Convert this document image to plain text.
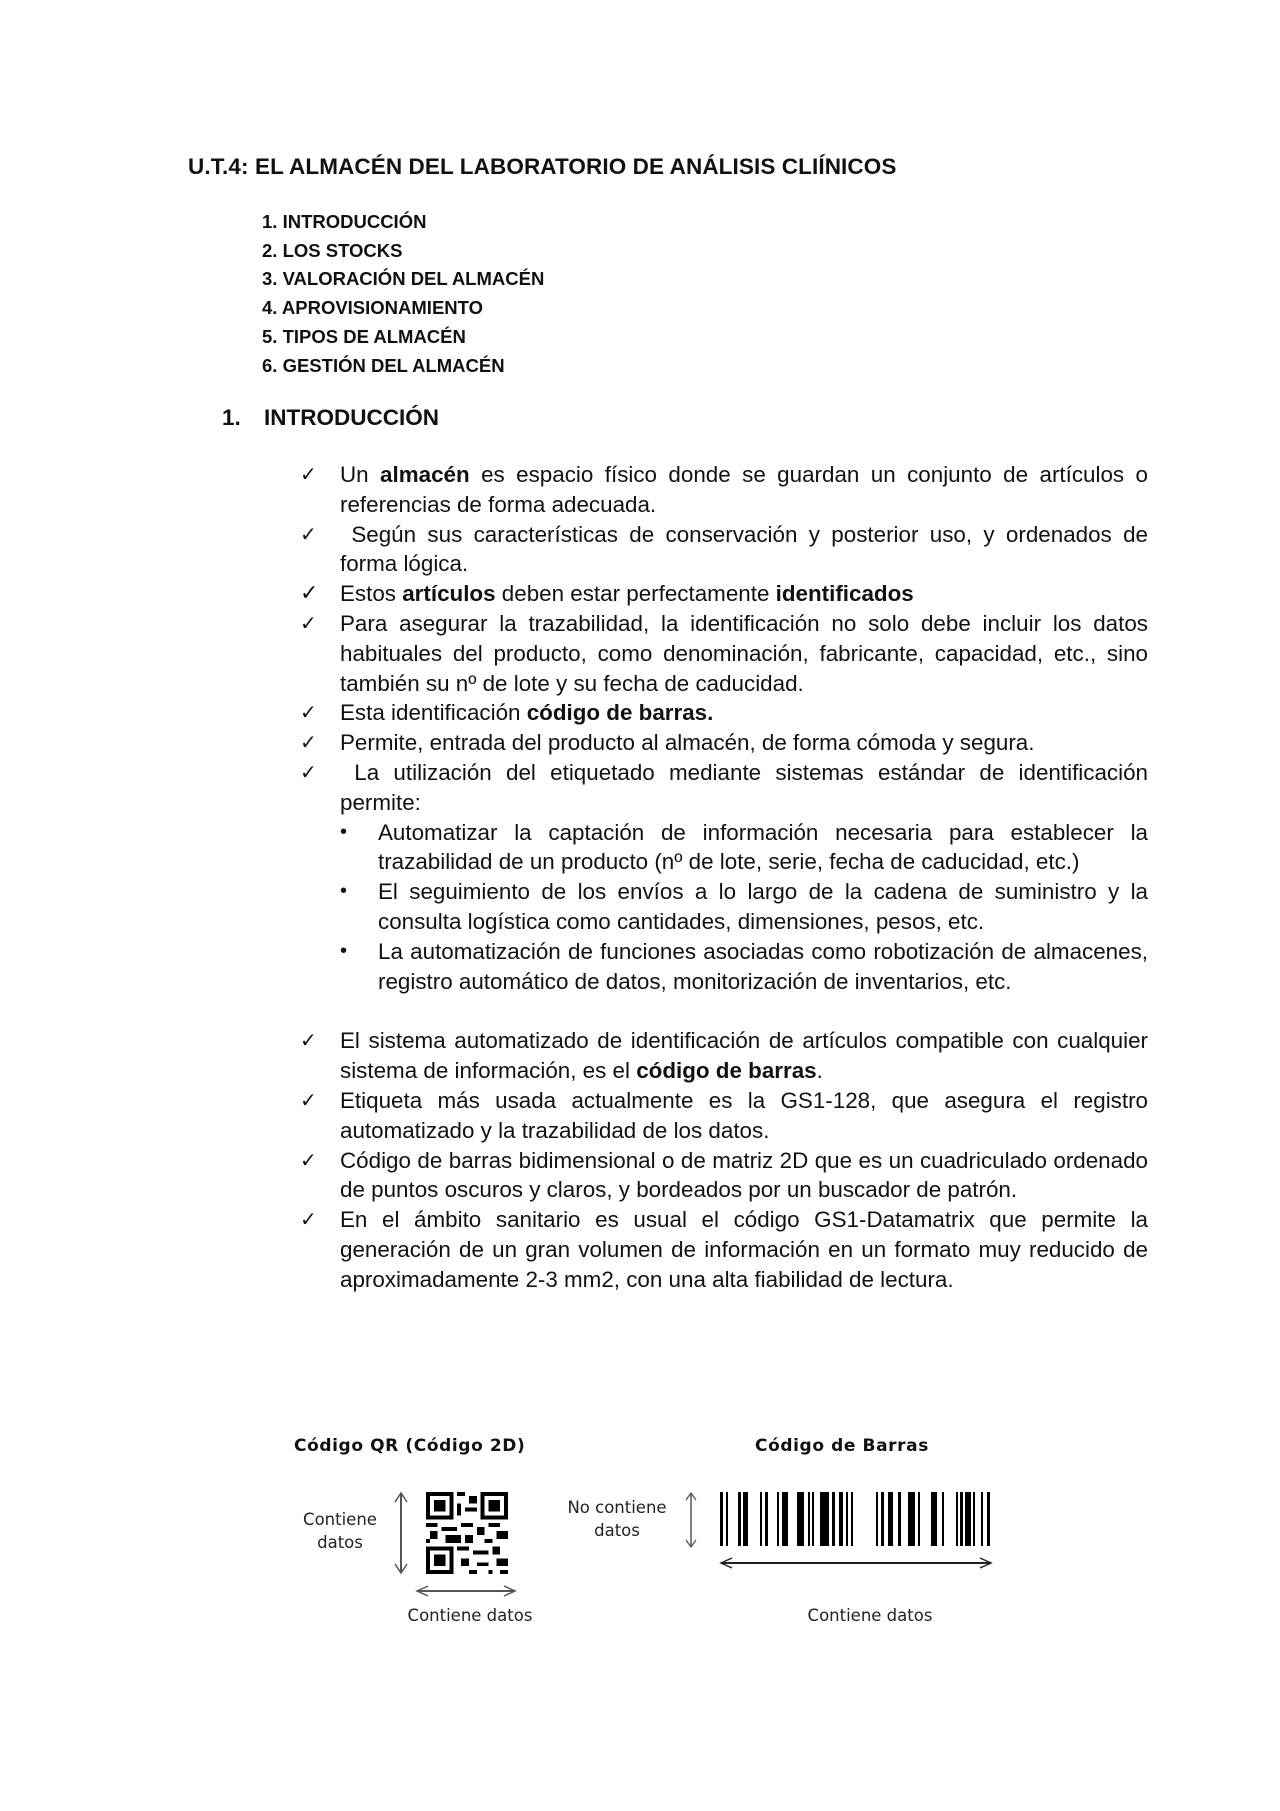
U.T.4: EL ALMACÉN DEL LABORATORIO DE ANÁLISIS CLIÍNICOS
1. INTRODUCCIÓN
2. LOS STOCKS
3. VALORACIÓN DEL ALMACÉN
4. APROVISIONAMIENTO
5. TIPOS DE ALMACÉN
6. GESTIÓN DEL ALMACÉN
1. INTRODUCCIÓN
✓	Un almacén es espacio físico donde se guardan un conjunto de artículos o referencias de forma adecuada.
✓	Según sus características de conservación y posterior uso, y ordenados de forma lógica.
✓ Estos artículos deben estar perfectamente identificados
✓	Para asegurar la trazabilidad, la identificación no solo debe incluir los datos habituales del producto, como denominación, fabricante, capacidad, etc., sino también su nº de lote y su fecha de caducidad.
✓	Esta identificación código de barras.
✓	Permite, entrada del producto al almacén, de forma cómoda y segura.
✓	La utilización del etiquetado mediante sistemas estándar de identificación permite:
• Automatizar la captación de información necesaria para establecer la trazabilidad de un producto (nº de lote, serie, fecha de caducidad, etc.)
• El seguimiento de los envíos a lo largo de la cadena de suministro y la consulta logística como cantidades, dimensiones, pesos, etc.
• La automatización de funciones asociadas como robotización de almacenes, registro automático de datos, monitorización de inventarios, etc.
✓	El sistema automatizado de identificación de artículos compatible con cualquier sistema de información, es el código de barras.
✓	Etiqueta más usada actualmente es la GS1-128, que asegura el registro automatizado y la trazabilidad de los datos.
✓	Código de barras bidimensional o de matriz 2D que es un cuadriculado ordenado de puntos oscuros y claros, y bordeados por un buscador de patrón.
✓	En el ámbito sanitario es usual el código GS1-Datamatrix que permite la generación de un gran volumen de información en un formato muy reducido de aproximadamente 2-3 mm2, con una alta fiabilidad de lectura.
Código QR (Código 2D)
Contiene
datos
Contiene datos
Código de Barras
No contiene
datos
Contiene datos
